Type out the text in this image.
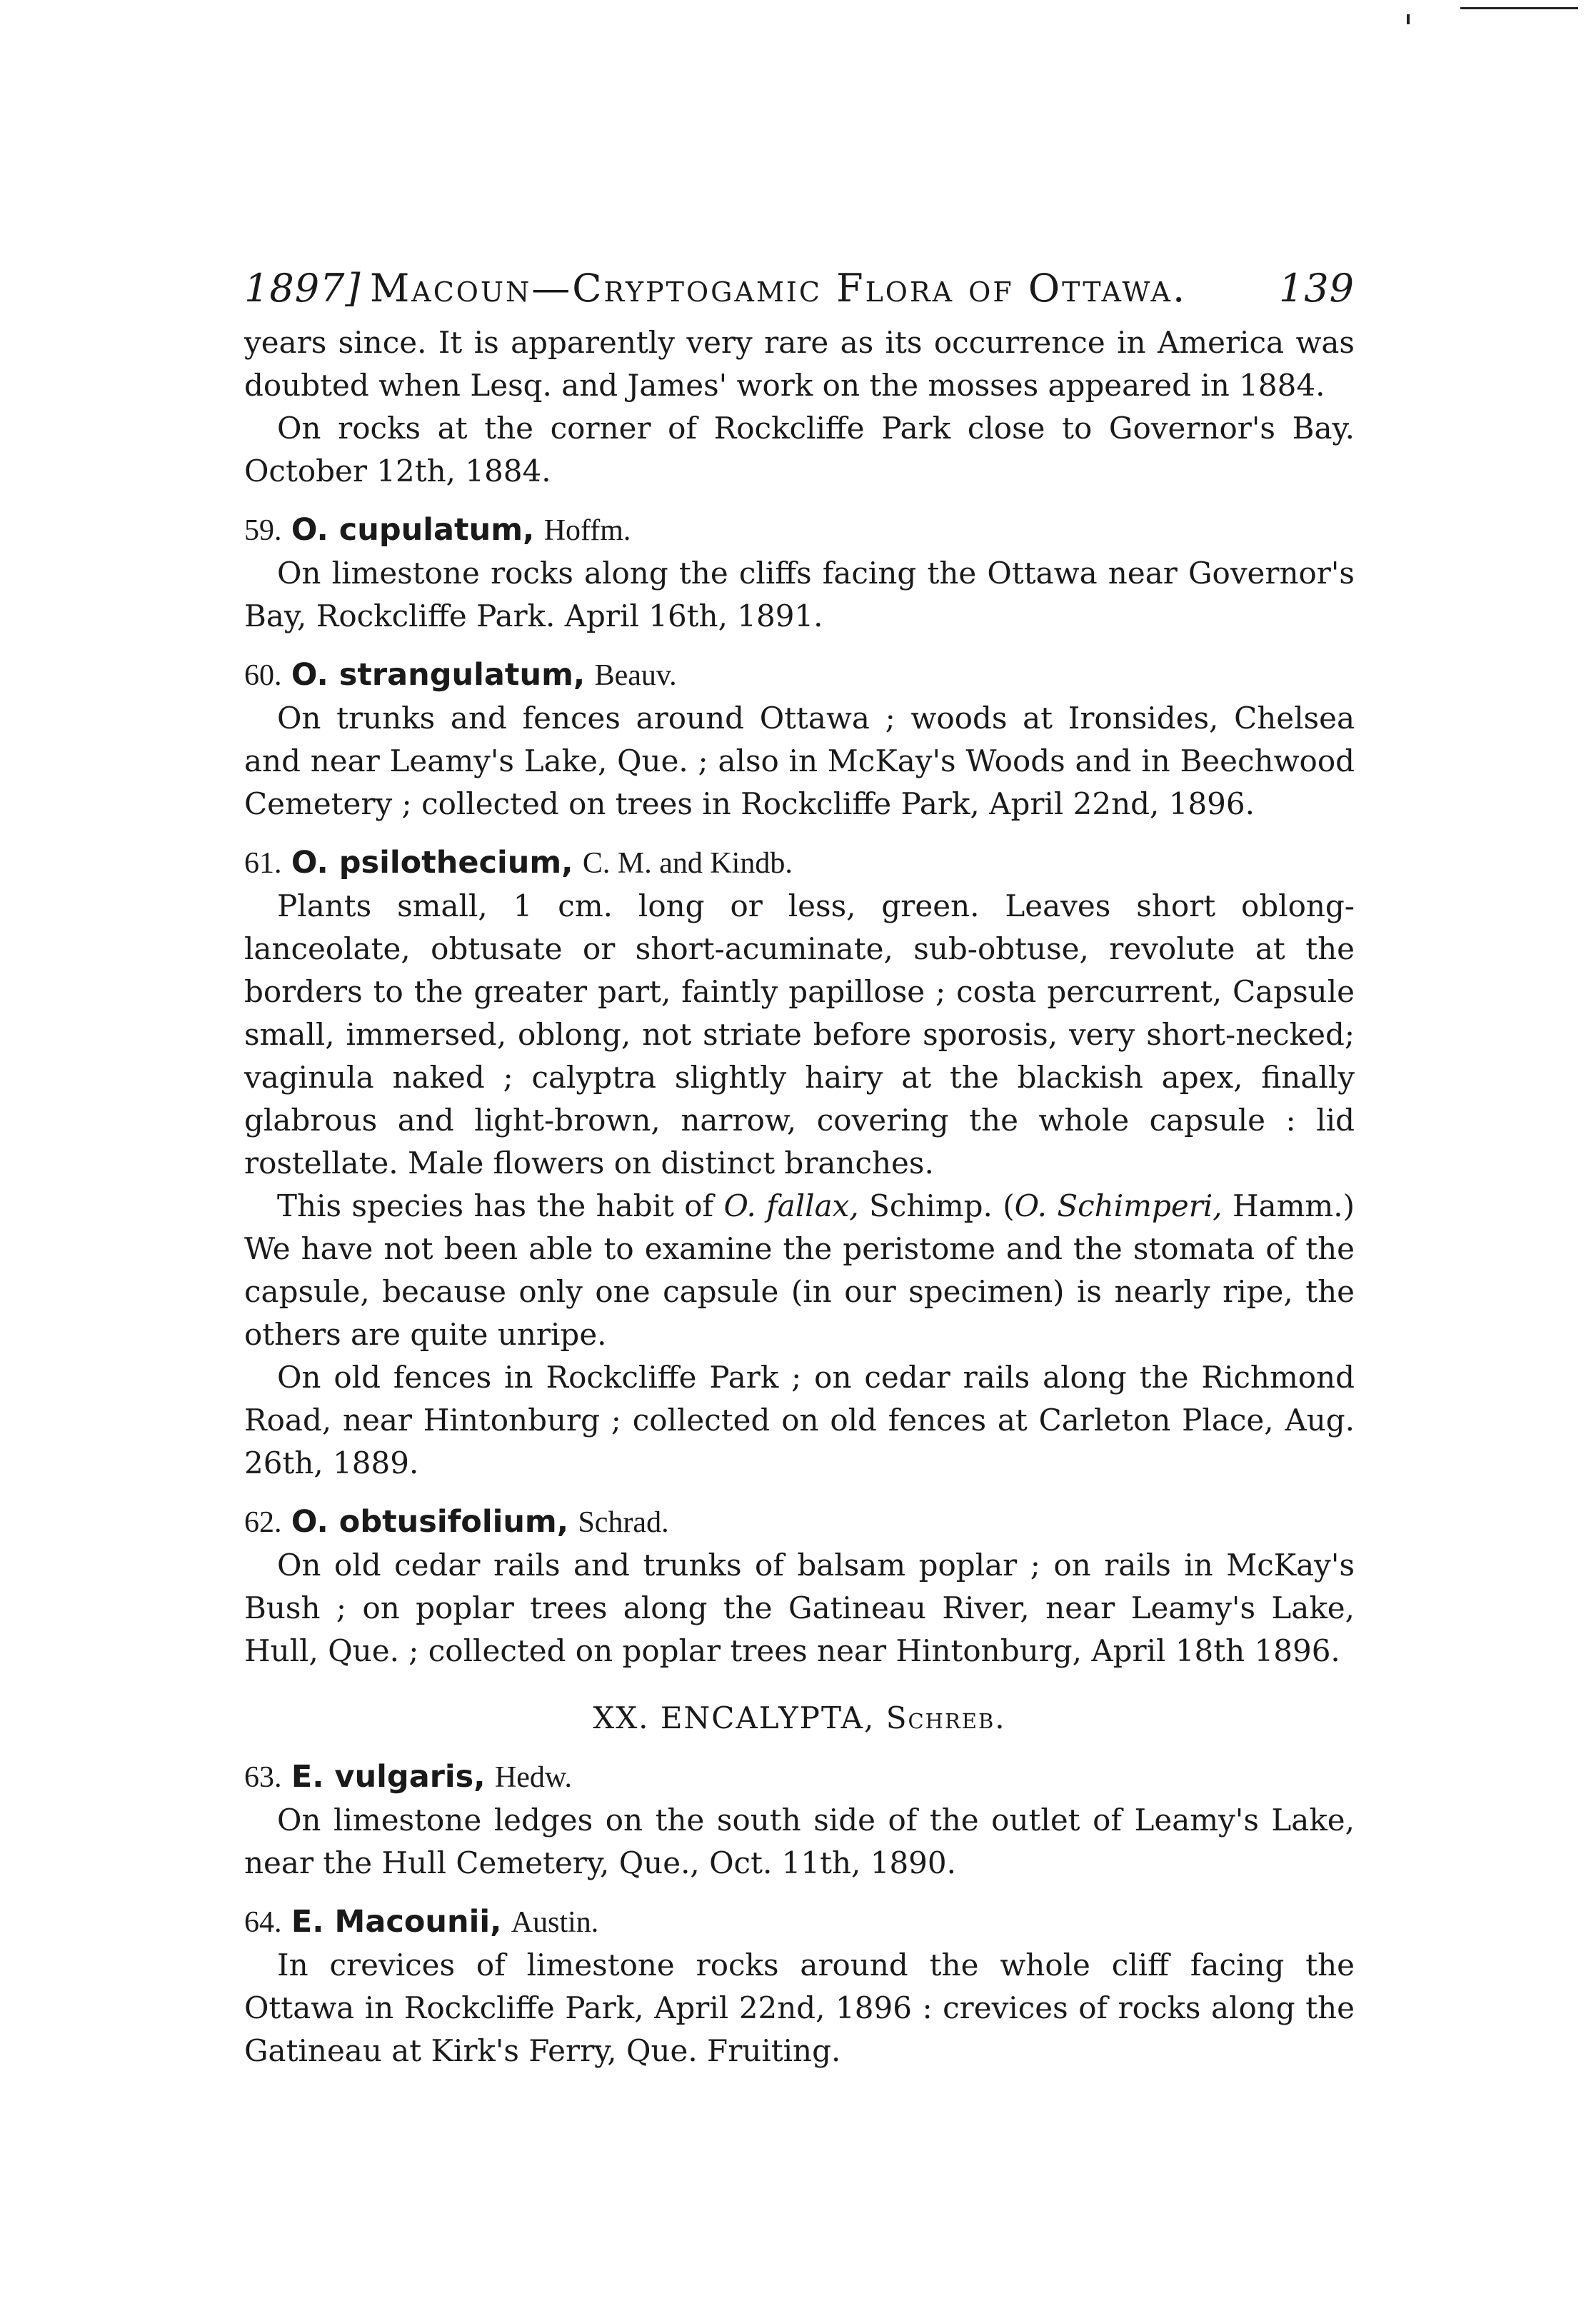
1897] Macoun—Cryptogamic Flora of Ottawa. 139

years since. It is apparently very rare as its occurrence in America was doubted when Lesq. and James' work on the mosses appeared in 1884.

On rocks at the corner of Rockcliffe Park close to Governor's Bay. October 12th, 1884.

59. O. cupulatum, Hoffm.

On limestone rocks along the cliffs facing the Ottawa near Governor's Bay, Rockcliffe Park. April 16th, 1891.

60. O. strangulatum, Beauv.

On trunks and fences around Ottawa ; woods at Ironsides, Chelsea and near Leamy's Lake, Que. ; also in McKay's Woods and in Beechwood Cemetery ; collected on trees in Rockcliffe Park, April 22nd, 1896.

61. O. psilothecium, C. M. and Kindb.

Plants small, 1 cm. long or less, green. Leaves short oblong-lanceolate, obtusate or short-acuminate, sub-obtuse, revolute at the borders to the greater part, faintly papillose ; costa percurrent, Capsule small, immersed, oblong, not striate before sporosis, very short-necked; vaginula naked ; calyptra slightly hairy at the blackish apex, finally glabrous and light-brown, narrow, covering the whole capsule : lid rostellate. Male flowers on distinct branches.

This species has the habit of O. fallax, Schimp. (O. Schimperi, Hamm.) We have not been able to examine the peristome and the stomata of the capsule, because only one capsule (in our specimen) is nearly ripe, the others are quite unripe.

On old fences in Rockcliffe Park ; on cedar rails along the Richmond Road, near Hintonburg ; collected on old fences at Carleton Place, Aug. 26th, 1889.

62. O. obtusifolium, Schrad.

On old cedar rails and trunks of balsam poplar ; on rails in McKay's Bush ; on poplar trees along the Gatineau River, near Leamy's Lake, Hull, Que. ; collected on poplar trees near Hintonburg, April 18th 1896.

XX. ENCALYPTA, Schreb.

63. E. vulgaris, Hedw.

On limestone ledges on the south side of the outlet of Leamy's Lake, near the Hull Cemetery, Que., Oct. 11th, 1890.

64. E. Macounii, Austin.

In crevices of limestone rocks around the whole cliff facing the Ottawa in Rockcliffe Park, April 22nd, 1896 : crevices of rocks along the Gatineau at Kirk's Ferry, Que. Fruiting.
